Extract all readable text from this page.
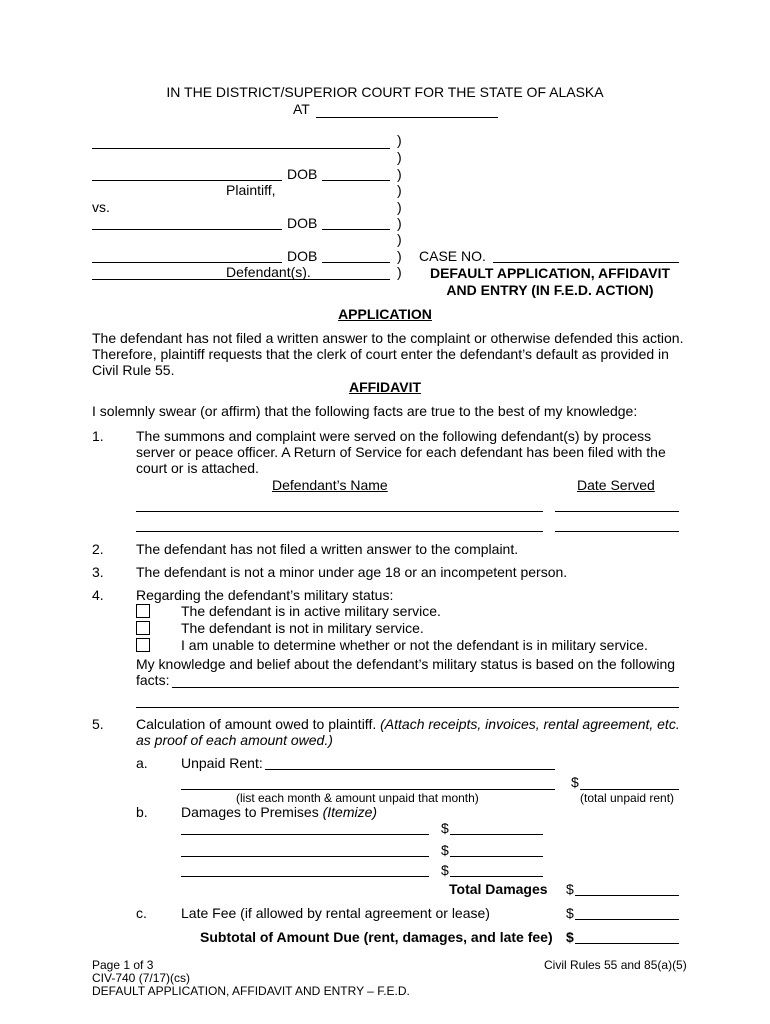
IN THE DISTRICT/SUPERIOR COURT FOR THE STATE OF ALASKA
AT
DOB
Plaintiff,
vs.
DOB
DOB
Defendant(s).
)
)
)
)
)
)
)
)
)
CASE NO.
DEFAULT APPLICATION, AFFIDAVIT
AND ENTRY (IN F.E.D. ACTION)
APPLICATION
The defendant has not filed a written answer to the complaint or otherwise defended this action.
Therefore, plaintiff requests that the clerk of court enter the defendant’s default as provided in
Civil Rule 55.
AFFIDAVIT
I solemnly swear (or affirm) that the following facts are true to the best of my knowledge:
1. The summons and complaint were served on the following defendant(s) by process
server or peace officer. A Return of Service for each defendant has been filed with the
court or is attached.
Defendant’s Name	Date Served
2. The defendant has not filed a written answer to the complaint.
3. The defendant is not a minor under age 18 or an incompetent person.
4. Regarding the defendant’s military status:
The defendant is in active military service.
The defendant is not in military service.
I am unable to determine whether or not the defendant is in military service.
My knowledge and belief about the defendant’s military status is based on the following
facts:
5. Calculation of amount owed to plaintiff. (Attach receipts, invoices, rental agreement, etc.
as proof of each amount owed.)
a. Unpaid Rent:
$
(list each month & amount unpaid that month)	(total unpaid rent)
b. Damages to Premises (Itemize)
$
$
$
Total Damages $
c. Late Fee (if allowed by rental agreement or lease)	$
Subtotal of Amount Due (rent, damages, and late fee) $
Page 1 of 3
CIV-740 (7/17)(cs)
DEFAULT APPLICATION, AFFIDAVIT AND ENTRY – F.E.D.
Civil Rules 55 and 85(a)(5)
